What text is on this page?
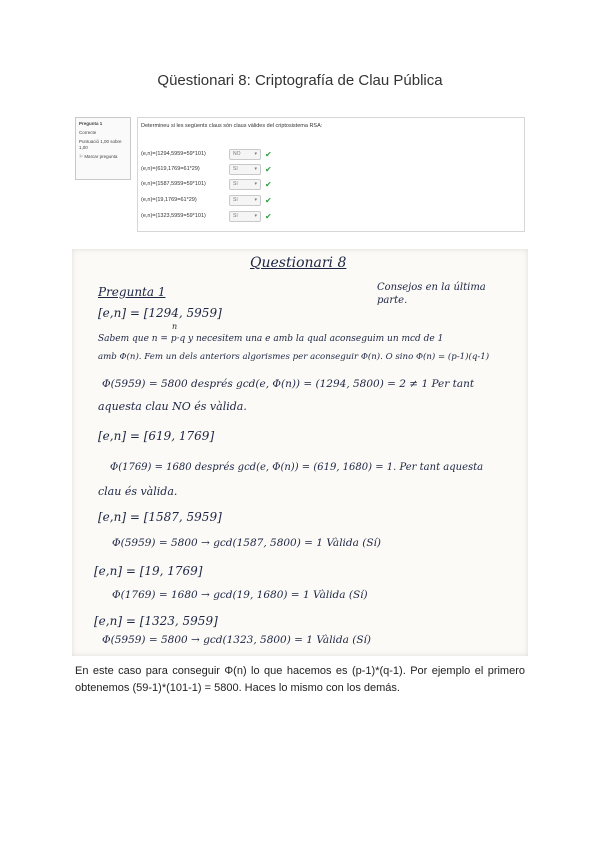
Qüestionari 8: Criptografía de Clau Pública
Pregunta 1
Correcte
Puntuació 1,00 sobre 1,00
⚐ Marcar pregunta
Determineu si les següents claus són claus vàlides del criptosistema RSA:
(e,n)=(1294,5959=59*101)	NO	▾ ✔
(e,n)=(619,1769=61*29)	Sí	▾ ✔
(e,n)=(1587,5959=59*101)	Sí	▾ ✔
(e,n)=(19,1769=61*29)	Sí	▾ ✔
(e,n)=(1323,5959=59*101)	Sí	▾ ✔
Questionari 8
Consejos en la última parte.
Pregunta 1
[e,n] = [1294, 5959]
n
Sabem que n = p·q y necesitem una e amb la qual aconseguim un mcd de 1
amb Φ(n). Fem un dels anteriors algorismes per aconseguir Φ(n). O sino Φ(n) = (p-1)(q-1)
Φ(5959) = 5800 després gcd(e, Φ(n)) = (1294, 5800) = 2 ≠ 1 Per tant
aquesta clau NO és vàlida.
[e,n] = [619, 1769]
Φ(1769) = 1680 després gcd(e, Φ(n)) = (619, 1680) = 1. Per tant aquesta
clau és vàlida.
[e,n] = [1587, 5959]
Φ(5959) = 5800 → gcd(1587, 5800) = 1 Vàlida (Sí)
[e,n] = [19, 1769]
Φ(1769) = 1680 → gcd(19, 1680) = 1 Vàlida (Sí)
[e,n] = [1323, 5959]
Φ(5959) = 5800 → gcd(1323, 5800) = 1 Vàlida (Sí)
En este caso para conseguir Φ(n) lo que hacemos es (p-1)*(q-1). Por ejemplo el primero obtenemos (59-1)*(101-1) = 5800. Haces lo mismo con los demás.
